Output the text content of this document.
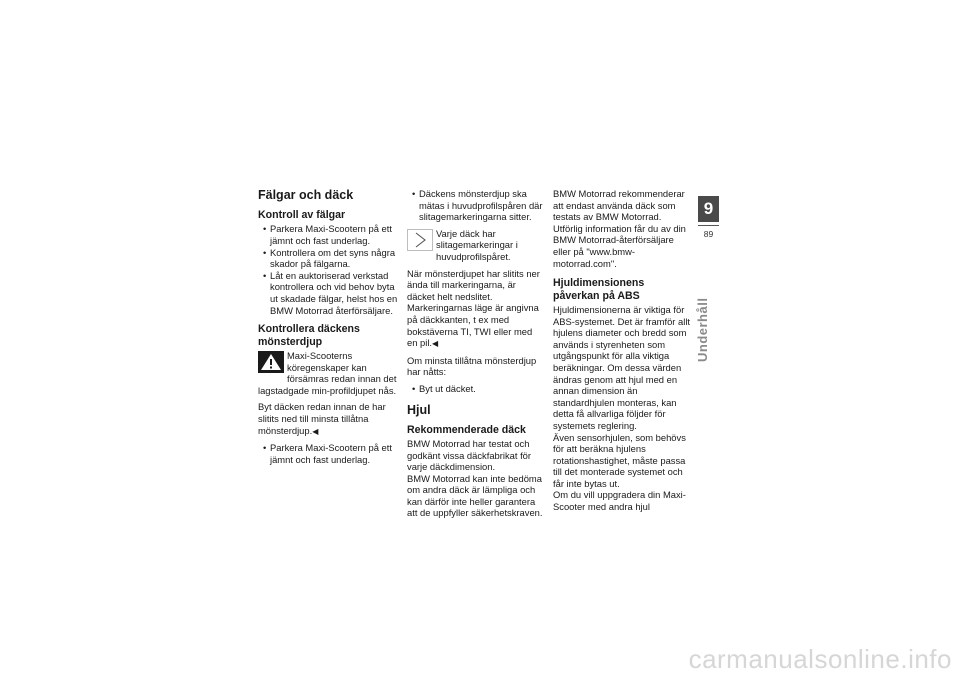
Fälgar och däck
Kontroll av fälgar
• Parkera Maxi-Scootern på ett jämnt och fast underlag.
• Kontrollera om det syns några skador på fälgarna.
• Låt en auktoriserad verkstad kontrollera och vid behov byta ut skadade fälgar, helst hos en BMW Motorrad återförsäljare.
Kontrollera däckens mönsterdjup
Maxi-Scooterns köregenskaper kan försämras redan innan det lagstadgade min-profildjupet nås.

Byt däcken redan innan de har slitits ned till minsta tillåtna mönsterdjup.◀

• Parkera Maxi-Scootern på ett jämnt och fast underlag.
• Däckens mönsterdjup ska mätas i huvudprofilspåren där slitagemarkeringarna sitter.
Varje däck har slitagemarkeringar i huvudprofilspåret.

När mönsterdjupet har slitits ner ända till markeringarna, är däcket helt nedslitet. Markeringarnas läge är angivna på däckkanten, t ex med bokstäverna TI, TWI eller med en pil.◀

Om minsta tillåtna mönsterdjup har nåtts:

• Byt ut däcket.
Hjul
Rekommenderade däck

BMW Motorrad har testat och godkänt vissa däckfabrikat för varje däckdimension.

BMW Motorrad kan inte bedöma om andra däck är lämpliga och kan därför inte heller garantera att de uppfyller säkerhetskraven.

BMW Motorrad rekommenderar att endast använda däck som testats av BMW Motorrad.

Utförlig information får du av din BMW Motorrad-återförsäljare eller på "www.bmw-motorrad.com".

Hjuldimensionens påverkan på ABS

Hjuldimensionerna är viktiga för ABS-systemet. Det är framför allt hjulens diameter och bredd som används i styrenheten som utgångspunkt för alla viktiga beräkningar. Om dessa värden ändras genom att hjul med en annan dimension än standardhjulen monteras, kan detta få allvarliga följder för systemets reglering.

Även sensorhjulen, som behövs för att beräkna hjulens rotationshastighet, måste passa till det monterade systemet och får inte bytas ut.

Om du vill uppgradera din Maxi-Scooter med andra hjul

9
89
Underhåll
carmanualsonline.info
